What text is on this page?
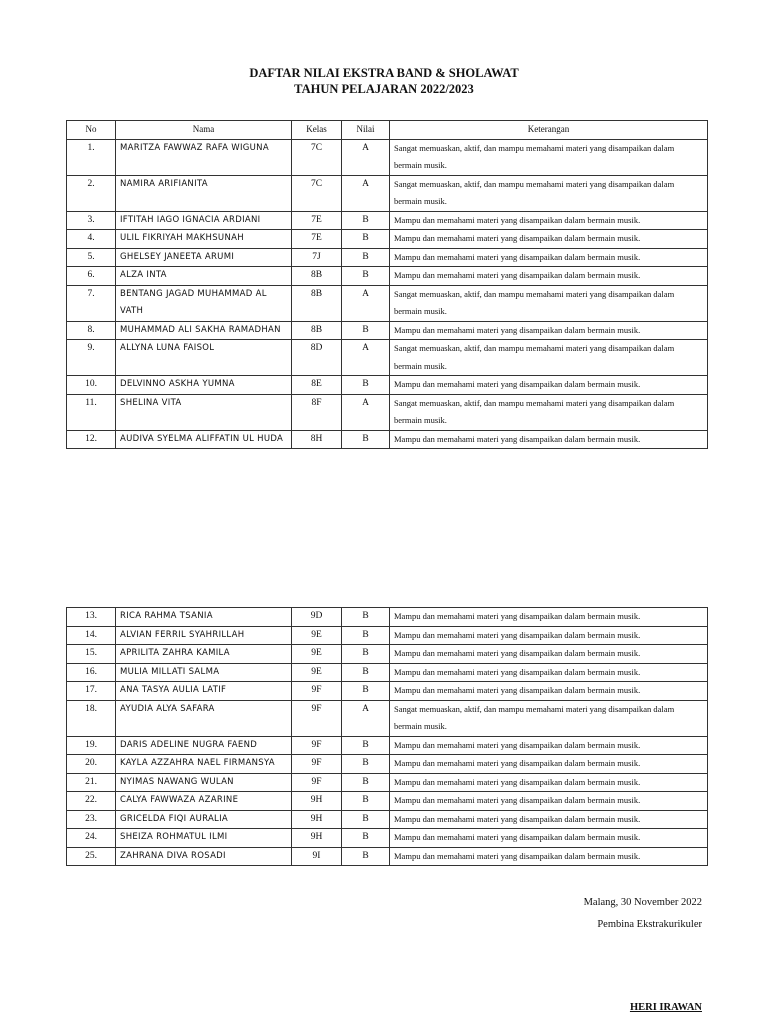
DAFTAR NILAI EKSTRA BAND & SHOLAWAT
TAHUN PELAJARAN 2022/2023
No	Nama	Kelas	Nilai	Keterangan
1.	MARITZA FAWWAZ RAFA WIGUNA	7C	A	Sangat memuaskan, aktif, dan mampu memahami materi yang disampaikan dalam bermain musik.
2.	NAMIRA ARIFIANITA	7C	A	Sangat memuaskan, aktif, dan mampu memahami materi yang disampaikan dalam bermain musik.
3.	IFTITAH IAGO IGNACIA ARDIANI	7E	B	Mampu dan memahami materi yang disampaikan dalam bermain musik.
4.	ULIL FIKRIYAH MAKHSUNAH	7E	B	Mampu dan memahami materi yang disampaikan dalam bermain musik.
5.	GHELSEY JANEETA ARUMI	7J	B	Mampu dan memahami materi yang disampaikan dalam bermain musik.
6.	ALZA INTA	8B	B	Mampu dan memahami materi yang disampaikan dalam bermain musik.
7.	BENTANG JAGAD MUHAMMAD AL VATH	8B	A	Sangat memuaskan, aktif, dan mampu memahami materi yang disampaikan dalam bermain musik.
8.	MUHAMMAD ALI SAKHA RAMADHAN	8B	B	Mampu dan memahami materi yang disampaikan dalam bermain musik.
9.	ALLYNA LUNA FAISOL	8D	A	Sangat memuaskan, aktif, dan mampu memahami materi yang disampaikan dalam bermain musik.
10.	DELVINNO ASKHA YUMNA	8E	B	Mampu dan memahami materi yang disampaikan dalam bermain musik.
11.	SHELINA VITA	8F	A	Sangat memuaskan, aktif, dan mampu memahami materi yang disampaikan dalam bermain musik.
12.	AUDIVA SYELMA ALIFFATIN UL HUDA	8H	B	Mampu dan memahami materi yang disampaikan dalam bermain musik.
13.	RICA RAHMA TSANIA	9D	B	Mampu dan memahami materi yang disampaikan dalam bermain musik.
14.	ALVIAN FERRIL SYAHRILLAH	9E	B	Mampu dan memahami materi yang disampaikan dalam bermain musik.
15.	APRILITA ZAHRA KAMILA	9E	B	Mampu dan memahami materi yang disampaikan dalam bermain musik.
16.	MULIA MILLATI SALMA	9E	B	Mampu dan memahami materi yang disampaikan dalam bermain musik.
17.	ANA TASYA AULIA LATIF	9F	B	Mampu dan memahami materi yang disampaikan dalam bermain musik.
18.	AYUDIA ALYA SAFARA	9F	A	Sangat memuaskan, aktif, dan mampu memahami materi yang disampaikan dalam bermain musik.
19.	DARIS ADELINE NUGRA FAEND	9F	B	Mampu dan memahami materi yang disampaikan dalam bermain musik.
20.	KAYLA AZZAHRA NAEL FIRMANSYA	9F	B	Mampu dan memahami materi yang disampaikan dalam bermain musik.
21.	NYIMAS NAWANG WULAN	9F	B	Mampu dan memahami materi yang disampaikan dalam bermain musik.
22.	CALYA FAWWAZA AZARINE	9H	B	Mampu dan memahami materi yang disampaikan dalam bermain musik.
23.	GRICELDA FIQI AURALIA	9H	B	Mampu dan memahami materi yang disampaikan dalam bermain musik.
24.	SHEIZA ROHMATUL ILMI	9H	B	Mampu dan memahami materi yang disampaikan dalam bermain musik.
25.	ZAHRANA DIVA ROSADI	9I	B	Mampu dan memahami materi yang disampaikan dalam bermain musik.
Malang, 30 November 2022
Pembina Ekstrakurikuler
HERI IRAWAN
